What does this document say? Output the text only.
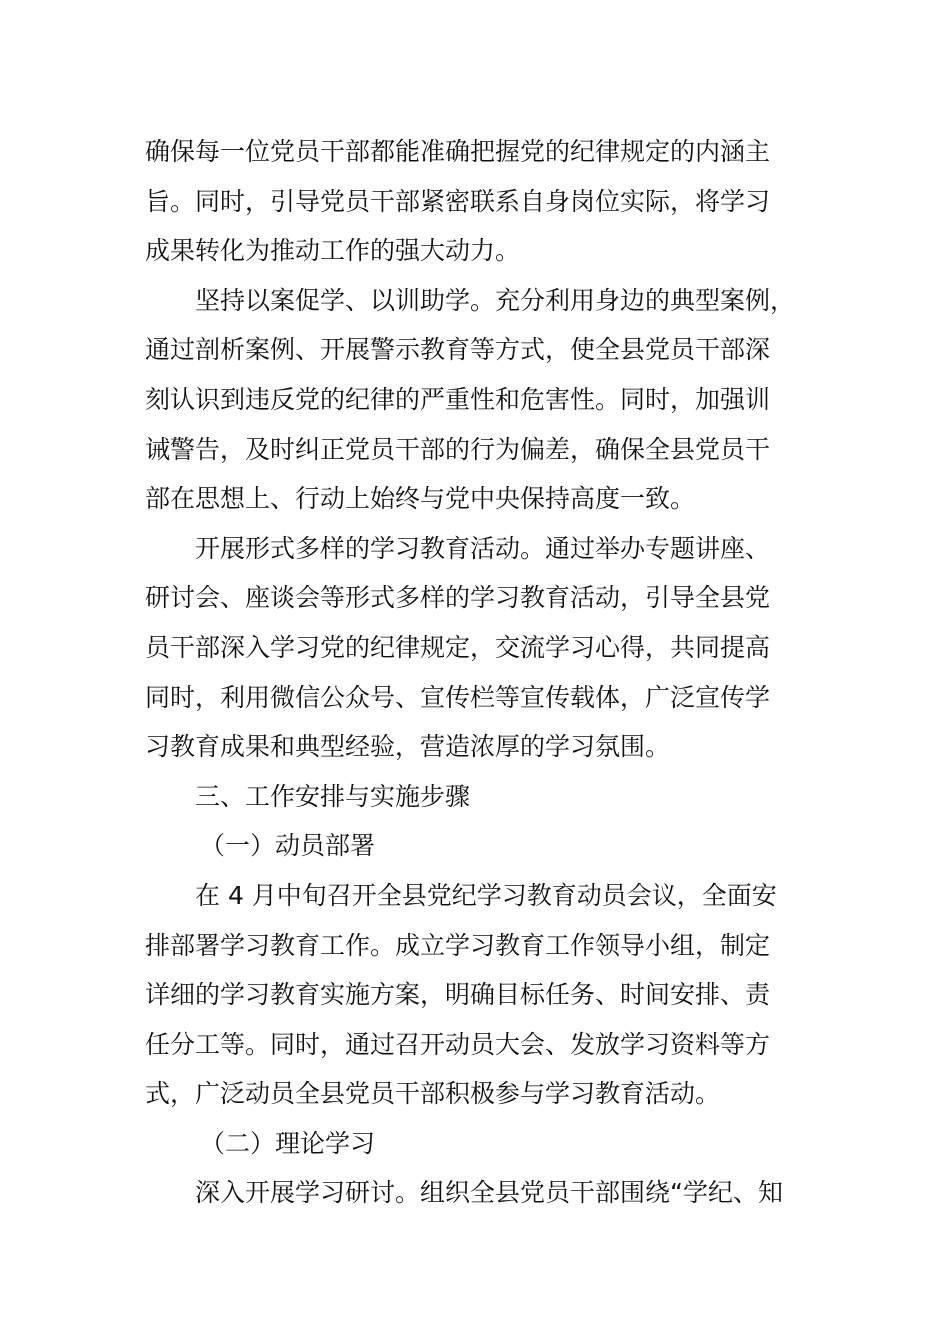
确保每一位党员干部都能准确把握党的纪律规定的内涵主
旨。同时，引导党员干部紧密联系自身岗位实际，将学习
成果转化为推动工作的强大动力。
坚持以案促学、以训助学。充分利用身边的典型案例，
通过剖析案例、开展警示教育等方式，使全县党员干部深
刻认识到违反党的纪律的严重性和危害性。同时，加强训
诫警告，及时纠正党员干部的行为偏差，确保全县党员干
部在思想上、行动上始终与党中央保持高度一致。
开展形式多样的学习教育活动。通过举办专题讲座、
研讨会、座谈会等形式多样的学习教育活动，引导全县党
员干部深入学习党的纪律规定，交流学习心得，共同提高
同时，利用微信公众号、宣传栏等宣传载体，广泛宣传学
习教育成果和典型经验，营造浓厚的学习氛围。
三、工作安排与实施步骤
（一）动员部署
在 4 月中旬召开全县党纪学习教育动员会议，全面安
排部署学习教育工作。成立学习教育工作领导小组，制定
详细的学习教育实施方案，明确目标任务、时间安排、责
任分工等。同时，通过召开动员大会、发放学习资料等方
式，广泛动员全县党员干部积极参与学习教育活动。
（二）理论学习
深入开展学习研讨。组织全县党员干部围绕“学纪、知
